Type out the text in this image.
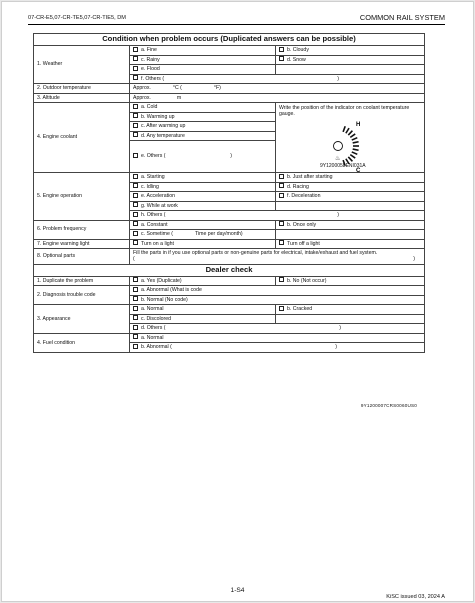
07-CR-E5,07-CR-TE5,07-CR-TIE5, DM	COMMON RAIL SYSTEM
Condition when problem occurs (Duplicated answers can be possible)		
1. Weather	a. Fine	b. Cloudy
	c. Rainy	d. Snow
	e. Flood	
	f. Others ( )	

2. Outdoor temperature	Approx. °C ( °F)	
3. Altitude	Approx. m	
4. Engine coolant	a. Cold	Write the position of the indicator on coolant temperature gauge.
H
C
♨
9Y1200058ENI031A

	b. Warming up	
	c. After warming up	
	d. Any temperature	
	e. Others ( )	

5. Engine operation	a. Starting	b. Just after starting
	c. Idling	d. Racing
	e. Acceleration	f. Deceleration
	g. While at work	
	h. Others ( )	

6. Problem frequency	a. Constant	b. Once only
	c. Sometime ( Time per day/month)	
7. Engine warning light	Turn on a light	Turn off a light
8. Optional parts	Fill the parts in if you use optional parts or non-genuine parts for electrical, intake/exhaust and fuel system.
( )	

Dealer check		
1. Duplicate the problem	a. Yes (Duplicate)	b. No (Not occur)
2. Diagnosis trouble code	a. Abnormal (What is code	
	b. Normal (No code)	
3. Appearance	a. Normal	b. Cracked
	c. Discolored	
	d. Others ( )	

4. Fuel condition	a. Normal	
	b. Abnormal ( )	
9Y1200007CRS0060US0
1-S4
KiSC issued 03, 2024 A
